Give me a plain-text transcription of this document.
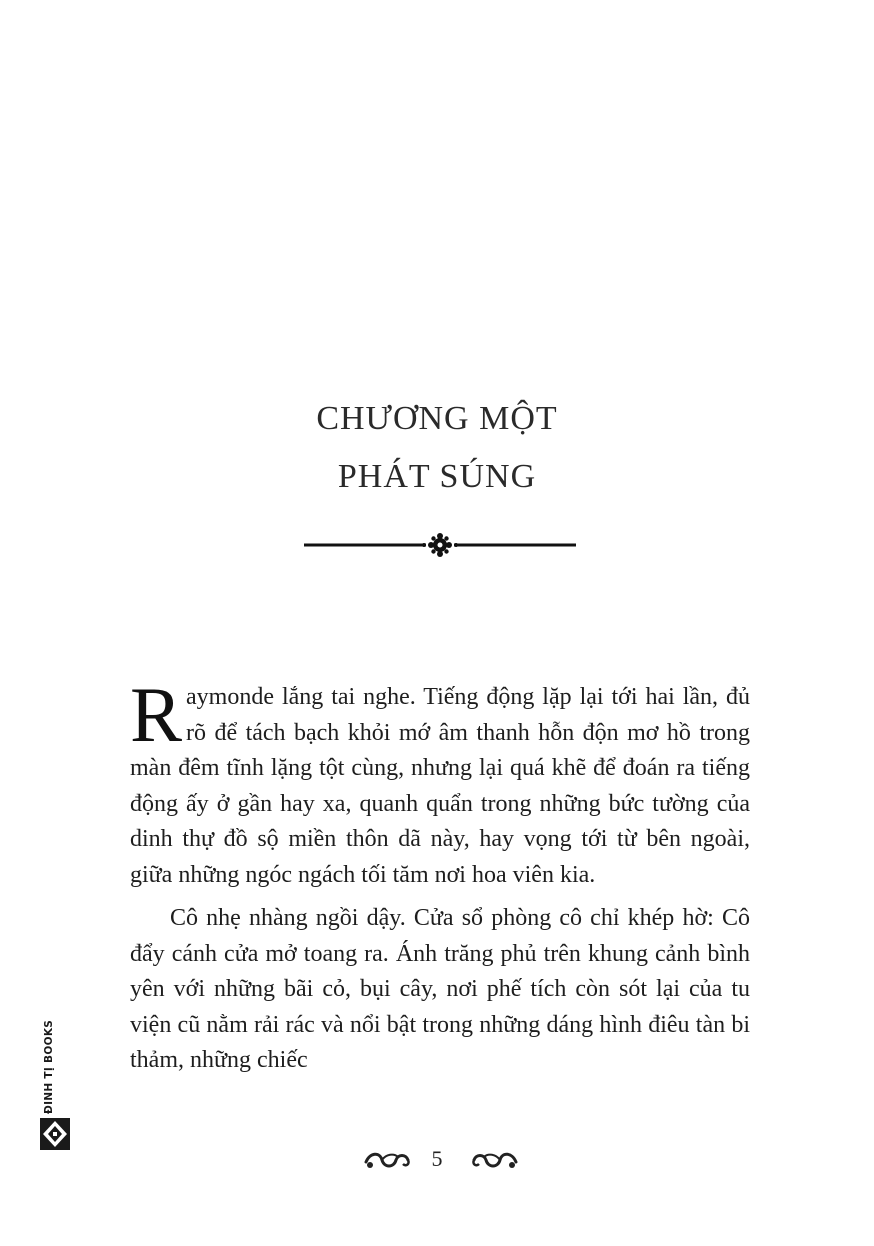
CHƯƠNG MỘT
PHÁT SÚNG

Raymonde lắng tai nghe. Tiếng động lặp lại tới hai lần, đủ rõ để tách bạch khỏi mớ âm thanh hỗn độn mơ hồ trong màn đêm tĩnh lặng tột cùng, nhưng lại quá khẽ để đoán ra tiếng động ấy ở gần hay xa, quanh quẩn trong những bức tường của dinh thự đồ sộ miền thôn dã này, hay vọng tới từ bên ngoài, giữa những ngóc ngách tối tăm nơi hoa viên kia.

Cô nhẹ nhàng ngồi dậy. Cửa sổ phòng cô chỉ khép hờ: Cô đẩy cánh cửa mở toang ra. Ánh trăng phủ trên khung cảnh bình yên với những bãi cỏ, bụi cây, nơi phế tích còn sót lại của tu viện cũ nằm rải rác và nổi bật trong những dáng hình điêu tàn bi thảm, những chiếc

5
ĐINH TỊ BOOKS
